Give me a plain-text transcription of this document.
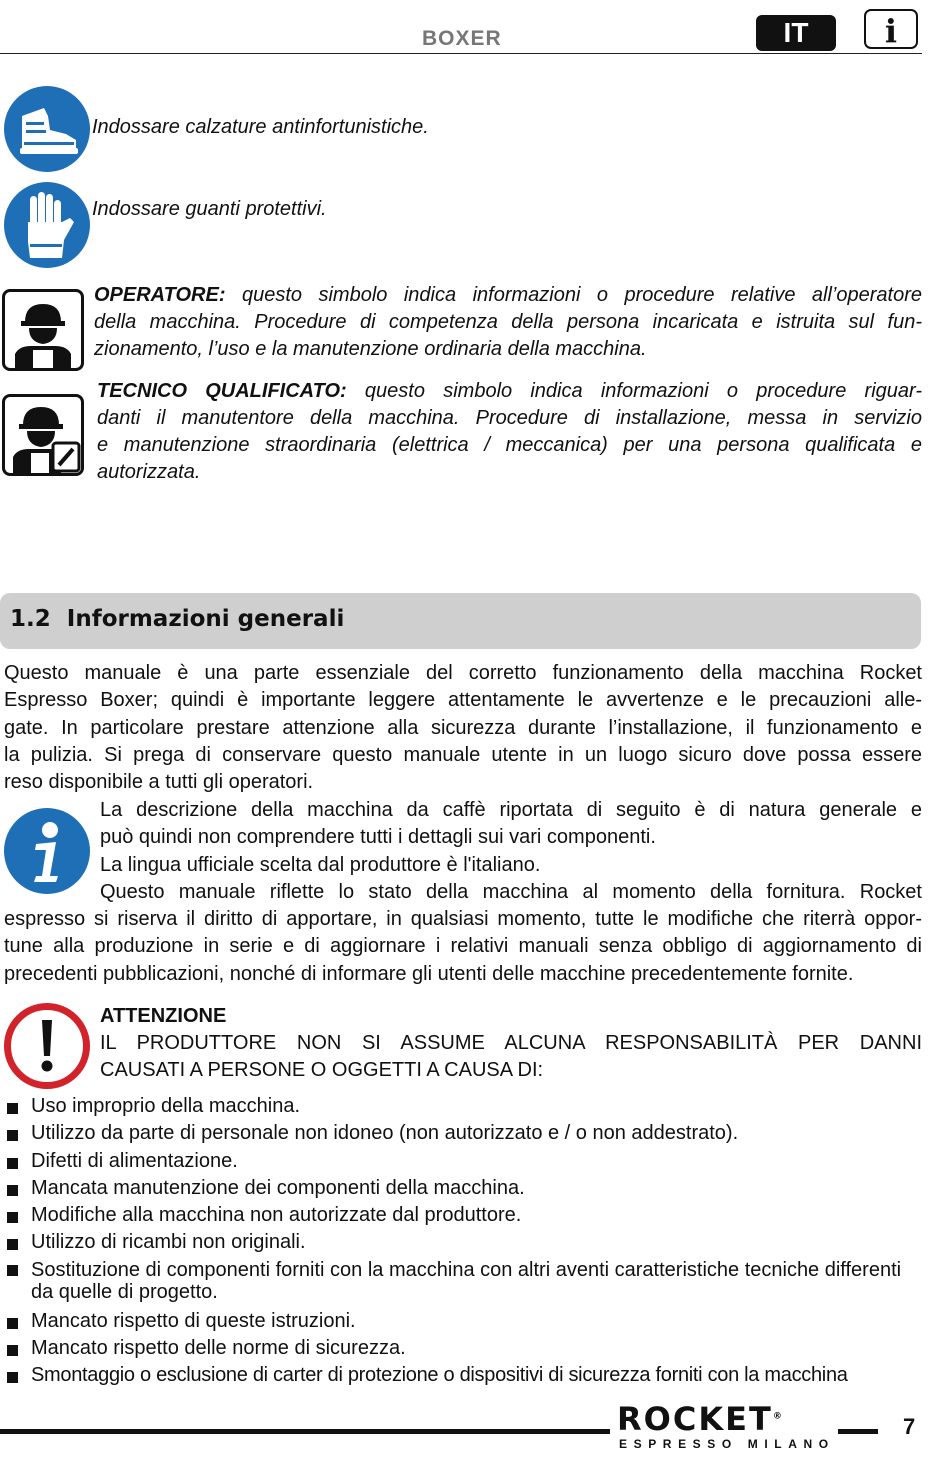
BOXER	IT	i
Indossare calzature antinfortunistiche.
Indossare guanti protettivi.
OPERATORE: questo simbolo indica informazioni o procedure relative all’operatore
della macchina. Procedure di competenza della persona incaricata e istruita sul fun-
zionamento, l’uso e la manutenzione ordinaria della macchina.
TECNICO QUALIFICATO: questo simbolo indica informazioni o procedure riguar-
danti il manutentore della macchina. Procedure di installazione, messa in servizio
e manutenzione straordinaria (elettrica / meccanica) per una persona qualificata e
autorizzata.
1.2  Informazioni generali
Questo manuale è una parte essenziale del corretto funzionamento della macchina Rocket
Espresso Boxer; quindi è importante leggere attentamente le avvertenze e le precauzioni alle-
gate. In particolare prestare attenzione alla sicurezza durante l’installazione, il funzionamento e
la pulizia. Si prega di conservare questo manuale utente in un luogo sicuro dove possa essere
reso disponibile a tutti gli operatori.
La descrizione della macchina da caffè riportata di seguito è di natura generale e
può quindi non comprendere tutti i dettagli sui vari componenti.
La lingua ufficiale scelta dal produttore è l'italiano.
Questo manuale riflette lo stato della macchina al momento della fornitura. Rocket
espresso si riserva il diritto di apportare, in qualsiasi momento, tutte le modifiche che riterrà oppor-
tune alla produzione in serie e di aggiornare i relativi manuali senza obbligo di aggiornamento di
precedenti pubblicazioni, nonché di informare gli utenti delle macchine precedentemente fornite.
ATTENZIONE
IL PRODUTTORE NON SI ASSUME ALCUNA RESPONSABILITÀ PER DANNI
CAUSATI A PERSONE O OGGETTI A CAUSA DI:
Uso improprio della macchina.
Utilizzo da parte di personale non idoneo (non autorizzato e / o non addestrato).
Difetti di alimentazione.
Mancata manutenzione dei componenti della macchina.
Modifiche alla macchina non autorizzate dal produttore.
Utilizzo di ricambi non originali.
Sostituzione di componenti forniti con la macchina con altri aventi caratteristiche tecniche differenti da quelle di progetto.
Mancato rispetto di queste istruzioni.
Mancato rispetto delle norme di sicurezza.
Smontaggio o esclusione di carter di protezione o dispositivi di sicurezza forniti con la macchina
ROCKET®
ESPRESSO MILANO
7
